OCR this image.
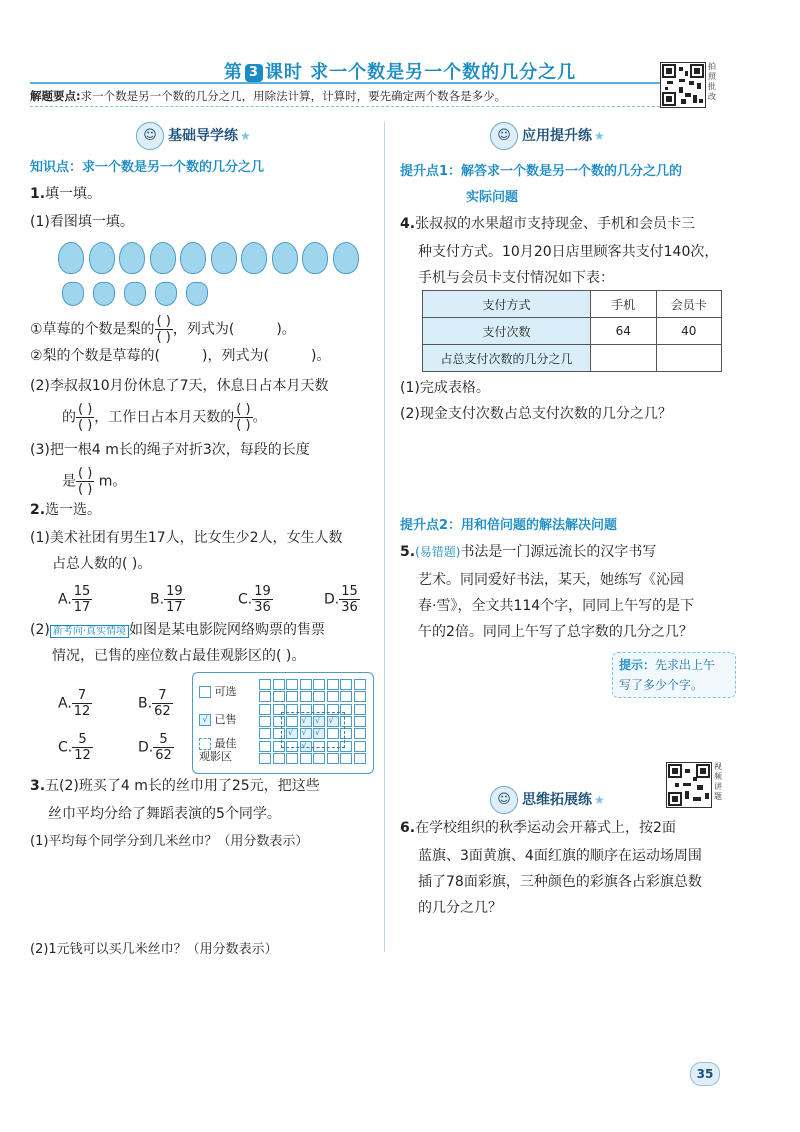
第 3 课时 求一个数是另一个数的几分之几
解题要点:求一个数是另一个数的几分之几，用除法计算，计算时，要先确定两个数各是多少。
拍照批改
☺ 基础导学练 ★
知识点：求一个数是另一个数的几分之几
1.填一填。
(1)看图填一填。
①草莓的个数是梨的 $\frac{( )}{( )}$ ，列式为(	)。
②梨的个数是草莓的(	)，列式为(	)。
(2)李叔叔10月份休息了7天，休息日占本月天数
的 $\frac{( )}{( )}$ ，工作日占本月天数的 $\frac{( )}{( )}$ 。
(3)把一根4 m长的绳子对折3次，每段的长度
是 $\frac{( )}{( )}$ m。
2.选一选。
(1)美术社团有男生17人，比女生少2人，女生人数
占总人数的( )。
A. $\frac{15}{17}$	B. $\frac{19}{17}$	C. $\frac{19}{36}$	D. $\frac{15}{36}$
(2) 新考向·真实情境 如图是某电影院网络购票的售票
情况，已售的座位数占最佳观影区的( )。
A. $\frac{7}{12}$	B. $\frac{7}{62}$
C. $\frac{5}{12}$	D. $\frac{5}{62}$
可选
√ 已售
最佳
观影区
√
√
√
√
√
√
√
3.五(2)班买了4 m长的丝巾用了25元，把这些
丝巾平均分给了舞蹈表演的5个同学。
(1)平均每个同学分到几米丝巾？（用分数表示）
(2)1元钱可以买几米丝巾？（用分数表示）
☺ 应用提升练 ★
提升点1：解答求一个数是另一个数的几分之几的
实际问题
4.张叔叔的水果超市支持现金、手机和会员卡三
种支付方式。10月20日店里顾客共支付140次，
手机与会员卡支付情况如下表：
支付方式	手机	会员卡
支付次数	64	40
占总支付次数的几分之几		
(1)完成表格。
(2)现金支付次数占总支付次数的几分之几？
提升点2：用和倍问题的解法解决问题
5.(易错题)书法是一门源远流长的汉字书写
艺术。同同爱好书法，某天，她练写《沁园
春·雪》，全文共114个字，同同上午写的是下
午的2倍。同同上午写了总字数的几分之几？
提示：先求出上午
写了多少个字。
视频讲题
☺ 思维拓展练 ★
6.在学校组织的秋季运动会开幕式上，按2面
蓝旗、3面黄旗、4面红旗的顺序在运动场周围
插了78面彩旗，三种颜色的彩旗各占彩旗总数
的几分之几？
35
